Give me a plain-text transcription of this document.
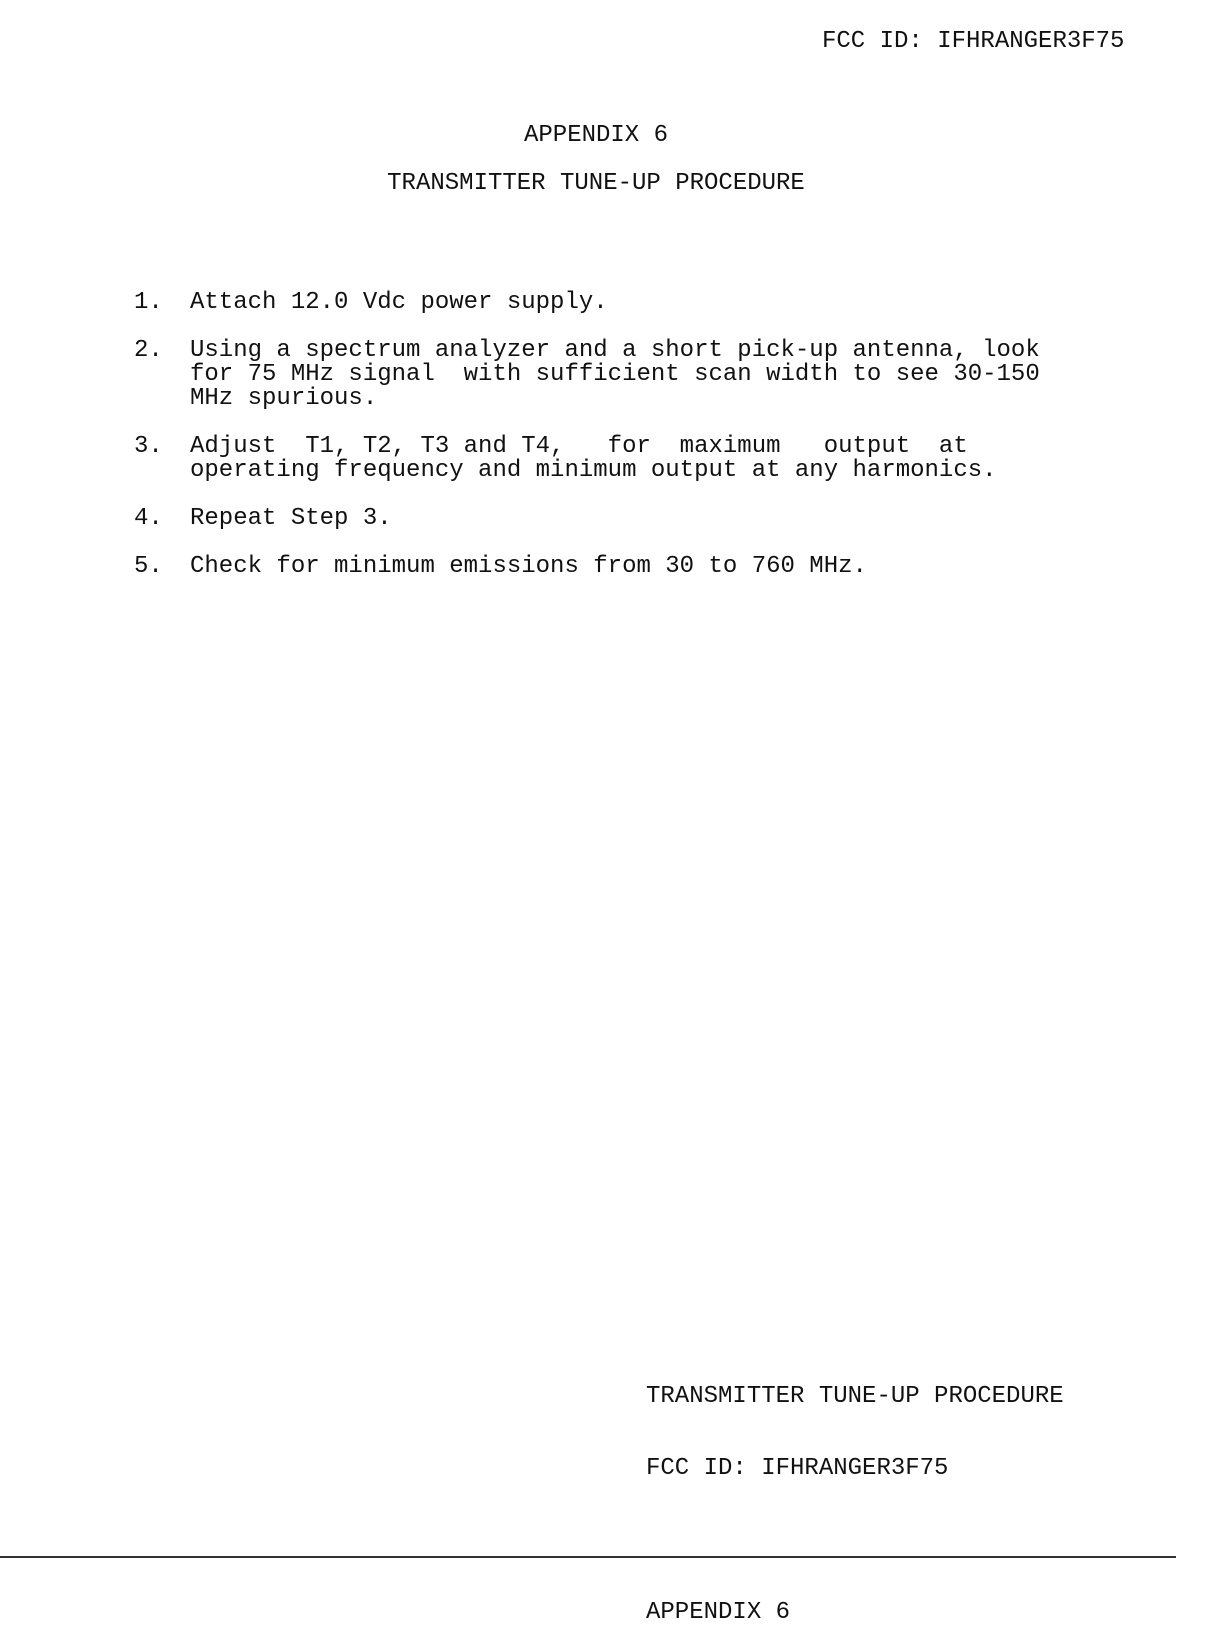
FCC ID: IFHRANGER3F75
APPENDIX 6
TRANSMITTER TUNE-UP PROCEDURE
1.	Attach 12.0 Vdc power supply.
2.	Using a spectrum analyzer and a short pick-up antenna, look
for 75 MHz signal  with sufficient scan width to see 30-150
MHz spurious.
3.	Adjust  T1, T2, T3 and T4,   for  maximum   output  at
operating frequency and minimum output at any harmonics.
4.	Repeat Step 3.
5.	Check for minimum emissions from 30 to 760 MHz.

TRANSMITTER TUNE-UP PROCEDURE

FCC ID: IFHRANGER3F75

APPENDIX 6
